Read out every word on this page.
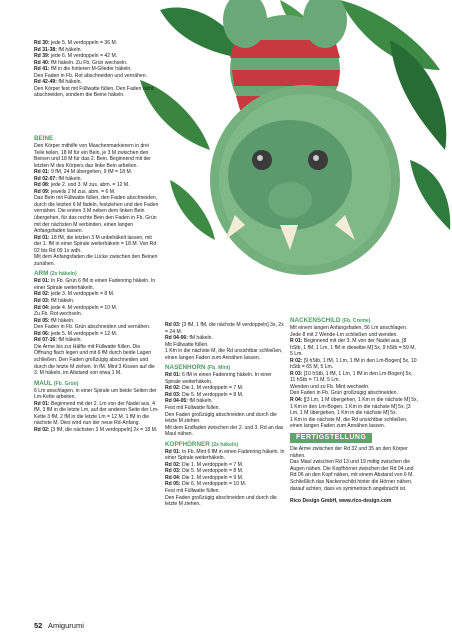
Rd 30: jede 5. M verdoppeln = 36 M.

Rd 31-38: fM häkeln.

Rd 39: jede 6. M verdoppeln = 42 M.

Rd 40: fM häkeln. Zu Fb. Grün wechseln.

Rd 41: fM in die hinteren M-Glieder häkeln.

Den Faden in Fb. Rot abschneiden und vernähen.

Rd 42-49: fM häkeln.

Den Körper fest mit Füllwatte füllen. Den Faden nicht abschneiden, sondern die Beine häkeln.

BEINE

Den Körper mithilfe von Maschenmarkierern in drei Teile teilen, 18 M für ein Bein, je 3 M zwischen den Beinen und 18 M für das 2. Bein. Beginnend mit der letzten M des Körpers das linke Bein arbeiten.

Rd 01: 9 fM, 24 M übergehen, 9 fM = 18 M.

Rd 02-07: fM häkeln.

Rd 08: jede 2. und 3. M zus. abm. = 12 M.

Rd 09: jeweils 2 M zus. abm. = 6 M.

Das Bein mit Füllwatte füllen, den Faden abschneiden, durch die letzten 6 M fädeln, festziehen und den Faden vernähen. Die ersten 3 M neben dem linken Bein übergehen, für das rechte Bein den Faden in Fb. Grün mit der nächsten M verbinden, einen langen Anfangsfaden lassen.

Rd 01: 18 fM, die letzten 3 M unbehäkelt lassen, mit der 1. fM in einer Spirale weiterhäkeln = 18 M. Von Rd 02 bis Rd 09 1x wdh.

Mit dem Anfangsfaden die Lücke zwischen den Beinen zunähen.

ARM (2x häkeln)

Rd 01: In Fb. Grün 6 fM in einen Fadenring häkeln. In einer Spirale weiterhäkeln.

Rd 02: jede 3. M verdoppeln = 8 M.

Rd 03: fM häkeln.

Rd 04: jede 4. M verdoppeln = 10 M.

Zu Fb. Rot wechseln.

Rd 05: fM häkeln.

Den Faden in Fb. Grün abschneiden und vernähen.

Rd 06: jede 5. M verdoppeln = 12 M.

Rd 07-16: fM häkeln.

Die Arme bis zur Hälfte mit Füllwatte füllen. Die Öffnung flach legen und mit 6 fM durch beide Lagen schließen. Den Faden großzügig abschneiden und durch die letzte M ziehen. In fM. Mint 3 Kissen auf die 3. M häkeln, im Abstand von etwa 1 M.

MAUL (Fb. Grün)

6 Lm anschlagen, in einer Spirale um beide Seiten der Lm-Kette arbeiten.

Rd 01: Beginnend mit der 2. Lm von der Nadel aus, 4 fM, 3 fM in die letzte Lm, auf der anderen Seite der Lm-Kette 3 fM, 2 fM in die letzte Lm = 12 M. 1 fM in die nächste M. Dies wird nun der neue Rd-Anfang.

Rd 02: [3 fM, die nächsten 3 M verdoppeln] 2x = 18 M.

Rd 03: [3 fM, 1 fM, die nächste M verdoppeln] 3x, 2x = 24 M.

Rd 04-06: fM häkeln.

Mit Füllwatte füllen.

1 Km in die nächste M, die Rd unsichtbar schließen, einen langen Faden zum Annähen lassen.

NASENHORN (Fb. Mint)

Rd 01: 6 fM in einen Fadenring häkeln. In einer Spirale weiterhäkeln.

Rd 02: Die 1. M verdoppeln = 7 M.

Rd 03: Die 5. M verdoppeln = 8 M.

Rd 04-05: fM häkeln.

Fest mit Füllwatte füllen.

Den Faden großzügig abschneiden und durch die letzte M ziehen.

Mit dem Endfaden zwischen der 2. und 3. Rd an das Maul nähen.

KOPFHÖRNER (2x häkeln)

Rd 01: In Fb. Mint 6 fM in einen Fadenring häkeln. In einer Spirale weiterhäkeln.

Rd 02: Die 1. M verdoppeln = 7 M.

Rd 03: Die 5. M verdoppeln = 8 M.

Rd 04: Die 1. M verdoppeln = 9 M.

Rd 05: Die 6. M verdoppeln = 10 M.

Fest mit Füllwatte füllen.

Den Faden großzügig abschneiden und durch die letzte M ziehen.

NACKENSCHILD (Fb. Creme)

Mit einem langen Anfangsfaden, 56 Lm anschlagen. Jede 8 mit 2 Wende-Lm schließen und wenden.

R 01: Beginnend mit der 3. M von der Nadel aus, [8 hStb, 1 fM, 1 Lm, 1 fM in dieselbe M] 5x, 9 hStb = 59 M, 5 Lm.

R 02: [9 hStb, 1 fM, 1 Lm, 1 fM in den Lm-Bogen] 5x, 10 hStb = 65 M, 5 Lm.

R 03: [10 hStb, 1 fM, 1 Lm, 1 fM in den Lm-Bogen] 5x, 11 hStb = 71 M, 5 Lm.

Wenden und zu Fb. Mint wechseln.

Den Faden in Fb. Grün großzügig abschneiden.

R 04: [[3 Lm, 1 M übergehen, 1 Km in die nächste M] 5x, 1 Km in den Lm-Bogen, 1 Km in die nächste M] 5x, [3 Lm, 1 M übergehen, 1 Km in die nächste M] 5x.

1 Km in die nächste M, die Rd unsichtbar schließen, einen langen Faden zum Annähen lassen.

FERTIGSTELLUNG

Die Arme zwischen der Rd 32 und 35 an den Körper nähen.

Das Maul zwischen Rd 13 und 19 mittig zwischen die Augen nähen. Die Kopfhörner zwischen der Rd 04 und Rd 06 an den Kopf nähen, mit einem Abstand von 6 M. Schließlich das Nackenschild hinter die Hörner nähen, darauf achten, dass es symmetrisch angebracht ist.

Rico Design GmbH, www.rico-design.com

52 Amigurumi
